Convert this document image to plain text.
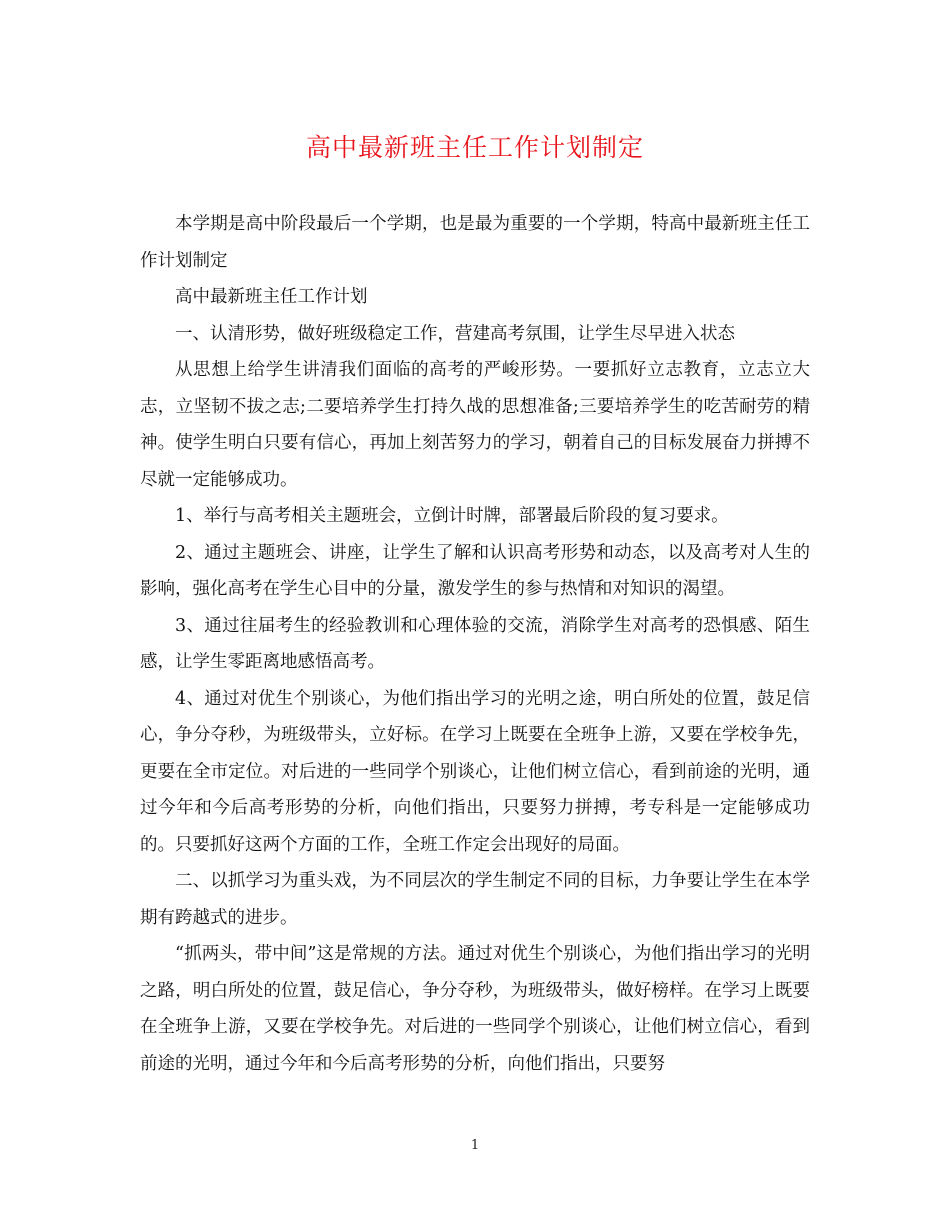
高中最新班主任工作计划制定

本学期是高中阶段最后一个学期，也是最为重要的一个学期，特高中最新班主任工作计划制定

高中最新班主任工作计划

一、认清形势，做好班级稳定工作，营建高考氛围，让学生尽早进入状态

从思想上给学生讲清我们面临的高考的严峻形势。一要抓好立志教育，立志立大志，立坚韧不拔之志;二要培养学生打持久战的思想准备;三要培养学生的吃苦耐劳的精神。使学生明白只要有信心，再加上刻苦努力的学习，朝着自己的目标发展奋力拼搏不尽就一定能够成功。

1、举行与高考相关主题班会，立倒计时牌，部署最后阶段的复习要求。

2、通过主题班会、讲座，让学生了解和认识高考形势和动态，以及高考对人生的影响，强化高考在学生心目中的分量，激发学生的参与热情和对知识的渴望。

3、通过往届考生的经验教训和心理体验的交流，消除学生对高考的恐惧感、陌生感，让学生零距离地感悟高考。

4、通过对优生个别谈心，为他们指出学习的光明之途，明白所处的位置，鼓足信心，争分夺秒，为班级带头，立好标。在学习上既要在全班争上游，又要在学校争先，更要在全市定位。对后进的一些同学个别谈心，让他们树立信心，看到前途的光明，通过今年和今后高考形势的分析，向他们指出，只要努力拼搏，考专科是一定能够成功的。只要抓好这两个方面的工作，全班工作定会出现好的局面。

二、以抓学习为重头戏，为不同层次的学生制定不同的目标，力争要让学生在本学期有跨越式的进步。

“抓两头，带中间”这是常规的方法。通过对优生个别谈心，为他们指出学习的光明之路，明白所处的位置，鼓足信心，争分夺秒，为班级带头，做好榜样。在学习上既要在全班争上游，又要在学校争先。对后进的一些同学个别谈心，让他们树立信心，看到前途的光明，通过今年和今后高考形势的分析，向他们指出，只要努

1
